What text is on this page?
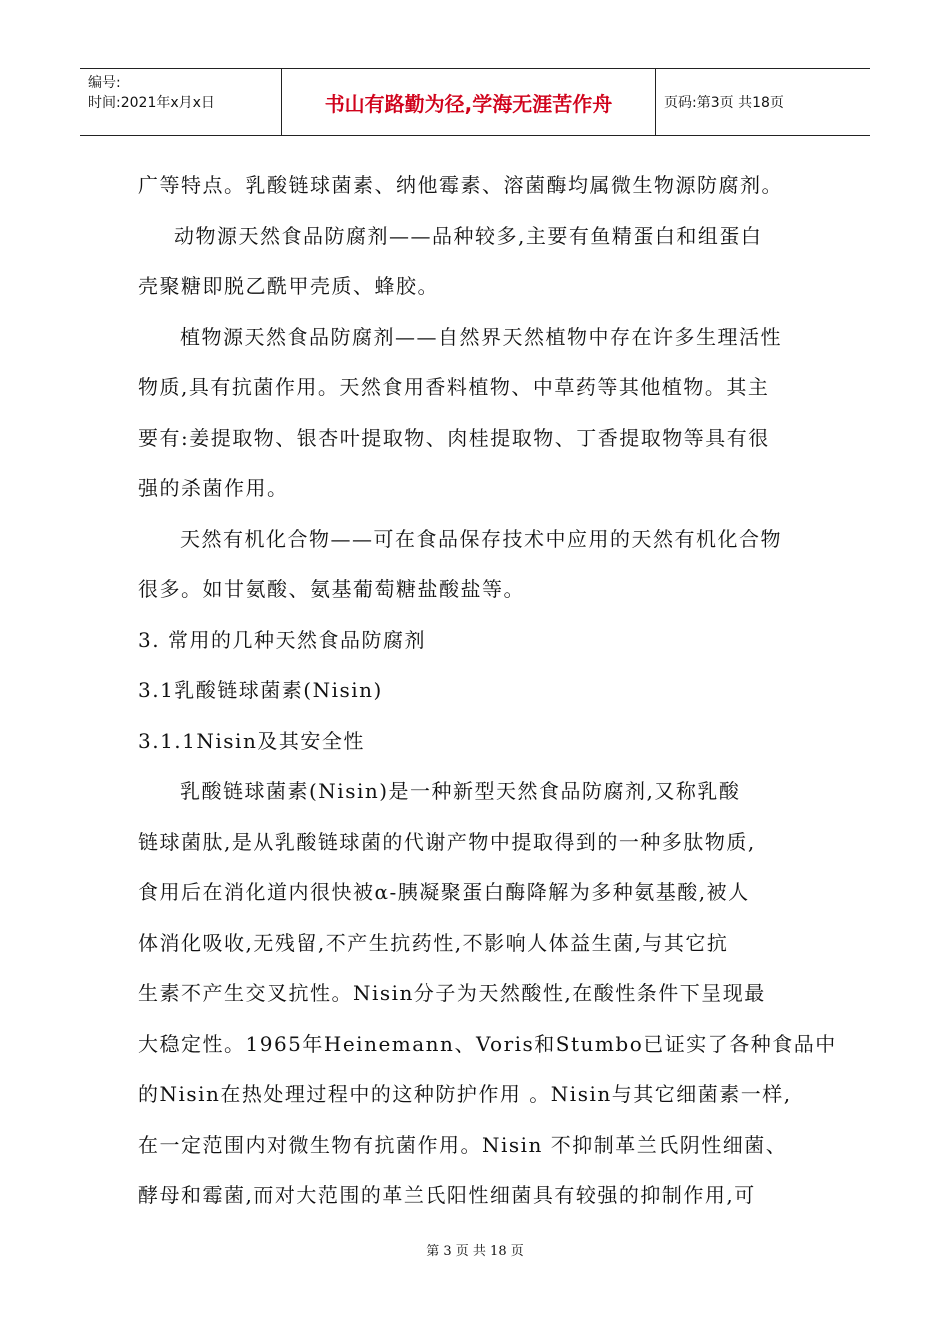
编号:
时间:2021年x月x日	书山有路勤为径,学海无涯苦作舟	页码:第3页 共18页
广等特点。乳酸链球菌素、纳他霉素、溶菌酶均属微生物源防腐剂。
动物源天然食品防腐剂——品种较多,主要有鱼精蛋白和组蛋白
壳聚糖即脱乙酰甲壳质、蜂胶。
植物源天然食品防腐剂——自然界天然植物中存在许多生理活性
物质,具有抗菌作用。天然食用香料植物、中草药等其他植物。其主
要有:姜提取物、银杏叶提取物、肉桂提取物、丁香提取物等具有很
强的杀菌作用。
天然有机化合物——可在食品保存技术中应用的天然有机化合物
很多。如甘氨酸、氨基葡萄糖盐酸盐等。
3. 常用的几种天然食品防腐剂
3.1乳酸链球菌素(Nisin)
3.1.1Nisin及其安全性
乳酸链球菌素(Nisin)是一种新型天然食品防腐剂,又称乳酸
链球菌肽,是从乳酸链球菌的代谢产物中提取得到的一种多肽物质,
食用后在消化道内很快被α-胰凝聚蛋白酶降解为多种氨基酸,被人
体消化吸收,无残留,不产生抗药性,不影响人体益生菌,与其它抗
生素不产生交叉抗性。Nisin分子为天然酸性,在酸性条件下呈现最
大稳定性。1965年Heinemann、Voris和Stumbo已证实了各种食品中
的Nisin在热处理过程中的这种防护作用 。Nisin与其它细菌素一样,
在一定范围内对微生物有抗菌作用。Nisin 不抑制革兰氏阴性细菌、
酵母和霉菌,而对大范围的革兰氏阳性细菌具有较强的抑制作用,可
第 3 页 共 18 页
